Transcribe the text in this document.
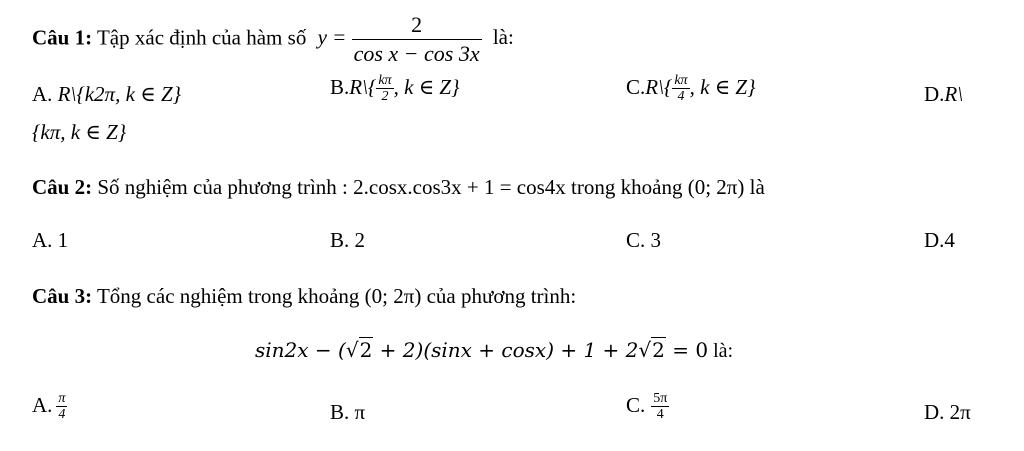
Câu 1: Tập xác định của hàm số $y = \frac{2}{\text{cos x − cos 3x}}$ là:
A. R\{k2π, k ∈ Z}	B.R\{ $\frac{k\pi}{2}$ , k ∈ Z}	C.R\{ $\frac{k\pi}{4}$ , k ∈ Z}	D.R\
{kπ, k ∈ Z}
Câu 2: Số nghiệm của phương trình : 2.cosx.cos3x + 1 = cos4x trong khoảng (0; 2π) là
A. 1	B. 2	C. 3	D.4
Câu 3: Tổng các nghiệm trong khoảng (0; 2π) của phương trình:
sin2x − (√2 + 2)(sinx + cosx) + 1 + 2√2 = 0 là:
A. $\frac{\pi}{4}$	B. π	C. $\frac{5\pi}{4}$	D. 2π
